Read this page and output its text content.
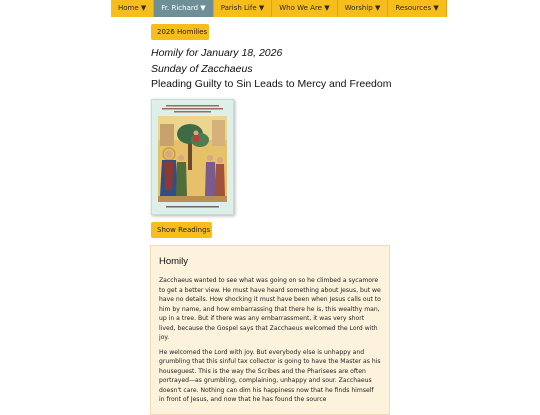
Home ▼	Fr. Richard ▼	Parish Life ▼	Who We Are ▼	Worship ▼	Resources ▼
2026 Homilies
Homily for January 18, 2026
Sunday of Zacchaeus
Pleading Guilty to Sin Leads to Mercy and Freedom
Show Readings
Homily

Zacchaeus wanted to see what was going on so he climbed a sycamore to get a better view. He must have heard something about Jesus, but we have no details. How shocking it must have been when Jesus calls out to him by name, and how embarrassing that there he is, this wealthy man, up in a tree. But if there was any embarrassment, it was very short lived, because the Gospel says that Zacchaeus welcomed the Lord with joy.

He welcomed the Lord with joy. But everybody else is unhappy and grumbling that this sinful tax collector is going to have the Master as his houseguest. This is the way the Scribes and the Pharisees are often portrayed—as grumbling, complaining, unhappy and sour. Zacchaeus doesn't care. Nothing can dim his happiness now that he finds himself in front of Jesus, and now that he has found the source
